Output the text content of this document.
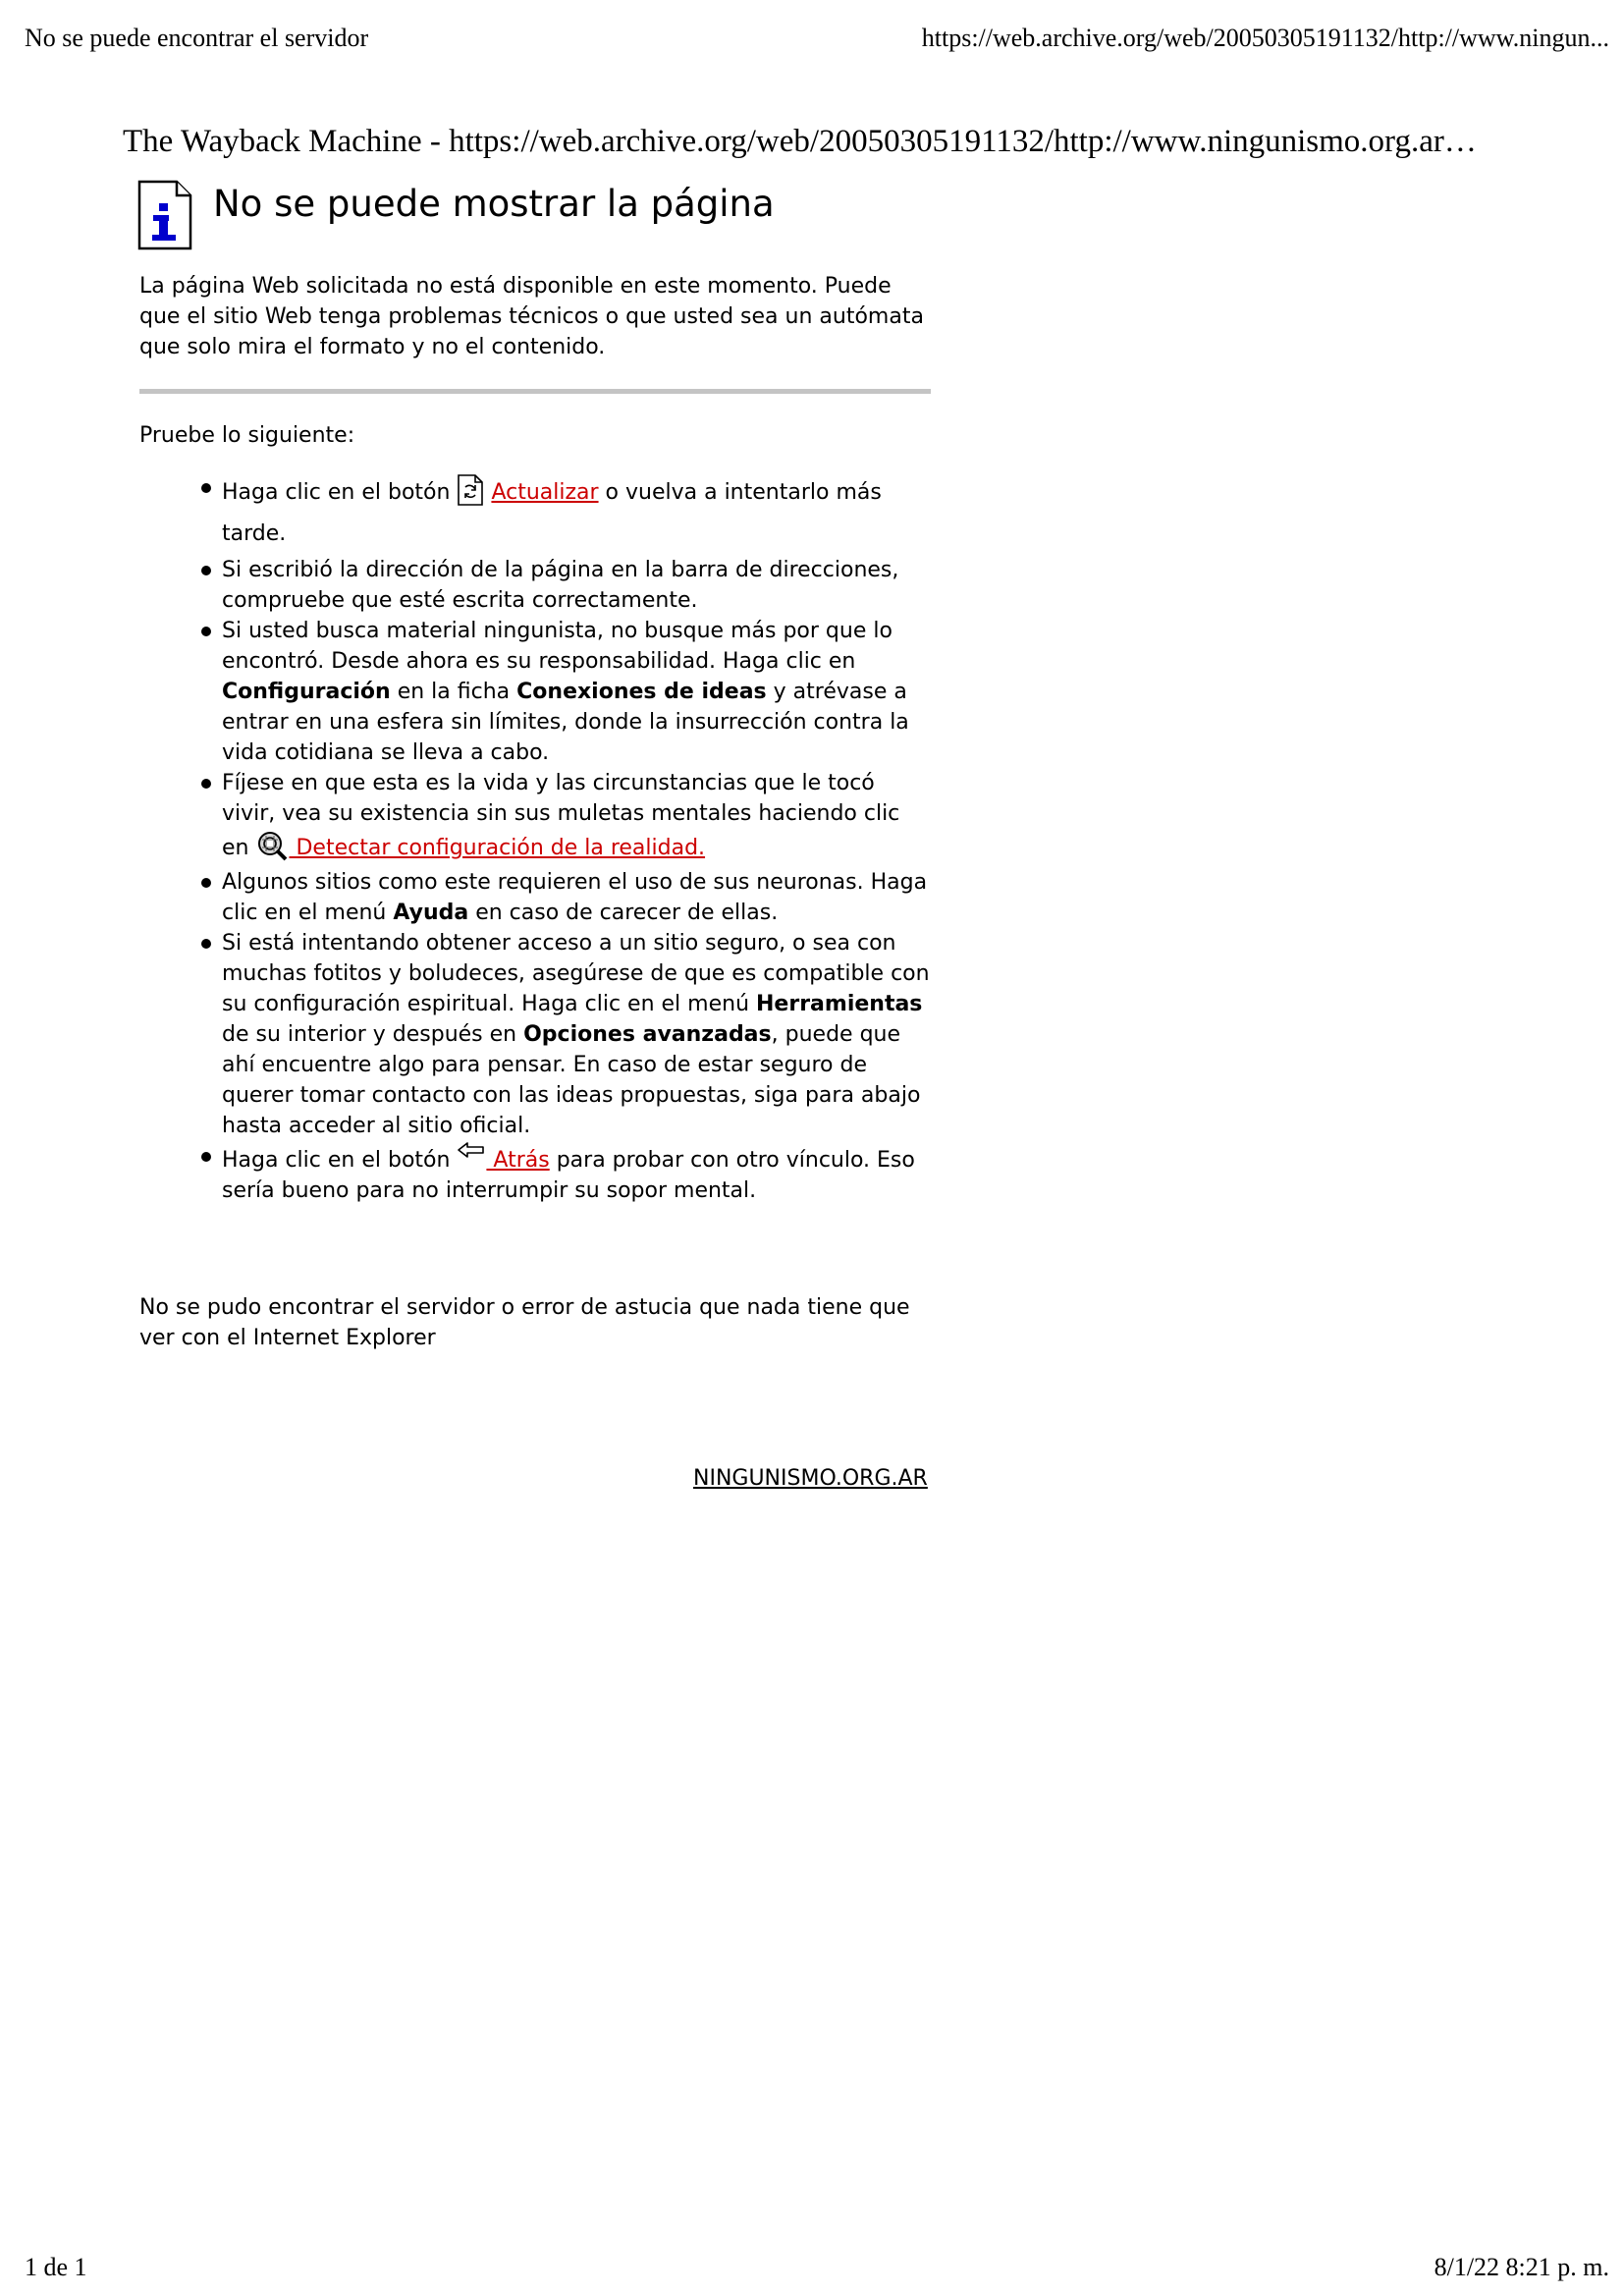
No se puede encontrar el servidor	https://web.archive.org/web/20050305191132/http://www.ningun...
The Wayback Machine - https://web.archive.org/web/20050305191132/http://www.ningunismo.org.ar…
No se puede mostrar la página

La página Web solicitada no está disponible en este momento. Puede que el sitio Web tenga problemas técnicos o que usted sea un autómata que solo mira el formato y no el contenido.

Pruebe lo siguiente:

Haga clic en el botón  Actualizar o vuelva a intentarlo más tarde.
Si escribió la dirección de la página en la barra de direcciones, compruebe que esté escrita correctamente.
Si usted busca material ningunista, no busque más por que lo encontró. Desde ahora es su responsabilidad. Haga clic en Configuración en la ficha Conexiones de ideas y atrévase a entrar en una esfera sin límites, donde la insurrección contra la vida cotidiana se lleva a cabo.
Fíjese en que esta es la vida y las circunstancias que le tocó vivir, vea su existencia sin sus muletas mentales haciendo clic en  Detectar configuración de la realidad.
Algunos sitios como este requieren el uso de sus neuronas. Haga clic en el menú Ayuda en caso de carecer de ellas.
Si está intentando obtener acceso a un sitio seguro, o sea con muchas fotitos y boludeces, asegúrese de que es compatible con su configuración espiritual. Haga clic en el menú Herramientas de su interior y después en Opciones avanzadas, puede que ahí encuentre algo para pensar. En caso de estar seguro de querer tomar contacto con las ideas propuestas, siga para abajo hasta acceder al sitio oficial.
Haga clic en el botón  Atrás para probar con otro vínculo. Eso sería bueno para no interrumpir su sopor mental.

No se pudo encontrar el servidor o error de astucia que nada tiene que ver con el Internet Explorer

NINGUNISMO.ORG.AR
1 de 1	8/1/22 8:21 p. m.
